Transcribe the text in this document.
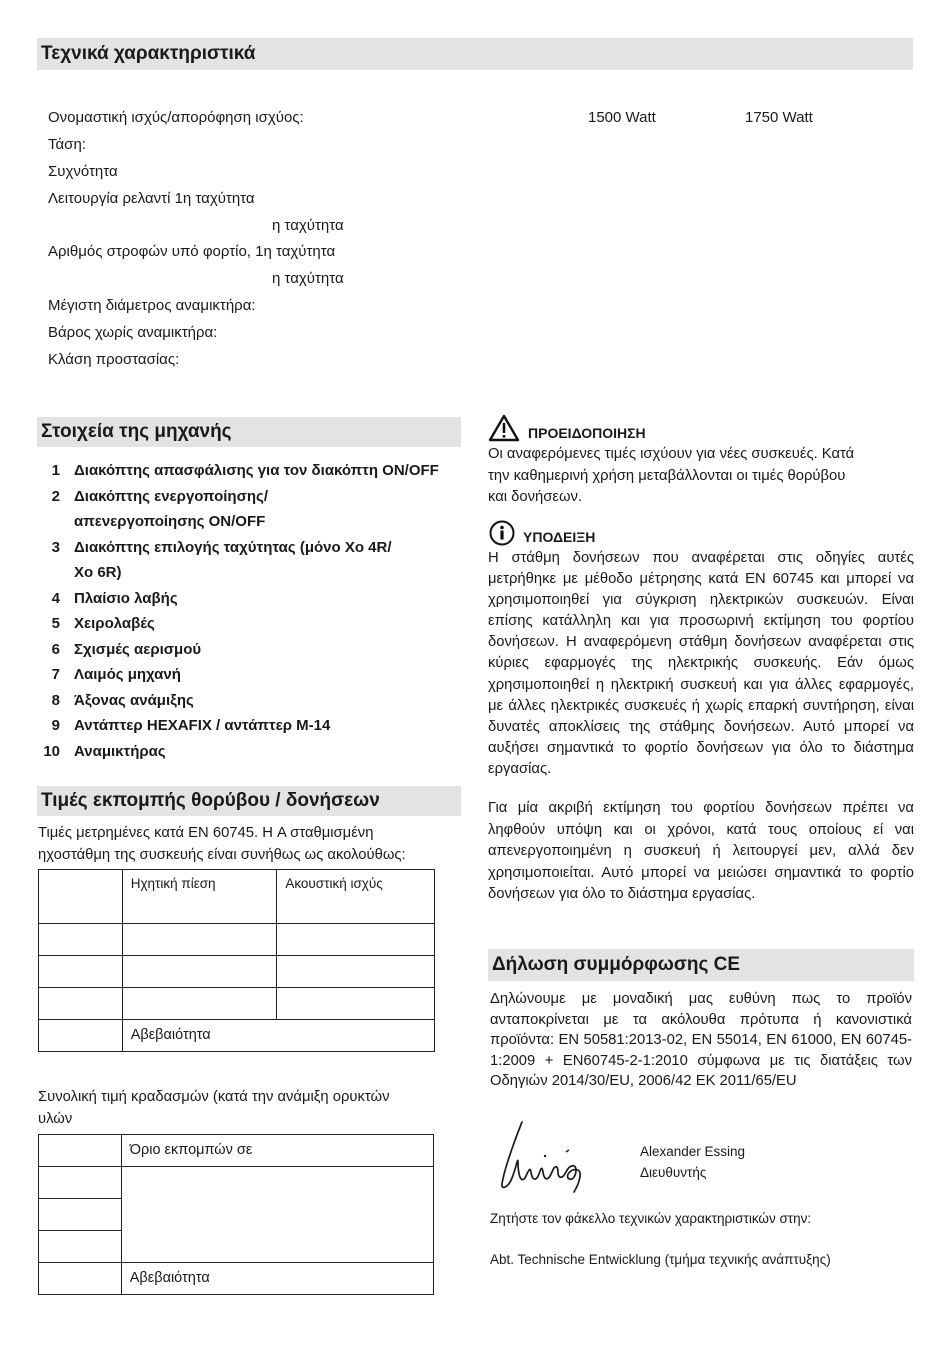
Τεχνικά χαρακτηριστικά
Ονομαστική ισχύς/απορόφηση ισχύος:	1500 Watt	1750 Watt
Τάση:
Συχνότητα
Λειτουργία ρελαντί 1η ταχύτητα
η ταχύτητα
Αριθμός στροφών υπό φορτίο, 1η ταχύτητα
η ταχύτητα
Μέγιστη διάμετρος αναμικτήρα:
Βάρος χωρίς αναμικτήρα:
Κλάση προστασίας:
Στοιχεία της μηχανής
1 Διακόπτης απασφάλισης για τον διακόπτη ON/OFF
2 Διακόπτης ενεργοποίησης/
απενεργοποίησης ON/OFF
3 Διακόπτης επιλογής ταχύτητας (μόνο Xo 4R/
Xo 6R)
4 Πλαίσιο λαβής
5 Χειρολαβές
6 Σχισμές αερισμού
7 Λαιμός μηχανή
8 Άξονας ανάμιξης
9 Αντάπτερ HEXAFIX / αντάπτερ M-14
10 Αναμικτήρας
Τιμές εκπομπής θορύβου / δονήσεων
Τιμές μετρημένες κατά EN 60745. Η A σταθμισμένη
ηχοστάθμη της συσκευής είναι συνήθως ως ακολούθως:
	Ηχητική πίεση	Ακουστική ισχύς

	Αβεβαιότητα	
Συνολική τιμή κραδασμών (κατά την ανάμιξη ορυκτών
υλών
	Όριο εκπομπών σε

	Αβεβαιότητα
ΠΡΟΕΙΔΟΠΟΙΗΣΗ
Οι αναφερόμενες τιμές ισχύουν για νέες συσκευές. Κατά
την καθημερινή χρήση μεταβάλλονται οι τιμές θορύβου
και δονήσεων.
ΥΠΟΔΕΙΞΗ
Η στάθμη δονήσεων που αναφέρεται στις οδηγίες αυτές μετρήθηκε με μέθοδο μέτρησης κατά EN 60745 και μπορεί να χρησιμοποιηθεί για σύγκριση ηλεκτρικών συσκευών. Είναι επίσης κατάλληλη και για προσωρινή εκτίμηση του φορτίου δονήσεων. Η αναφερόμενη στάθμη δονήσεων αναφέρεται στις κύριες εφαρμογές της ηλεκτρικής συσκευής. Εάν όμως χρησιμοποιηθεί η ηλεκτρική συσκευή και για άλλες εφαρμογές, με άλλες ηλεκτρικές συσκευές ή χωρίς επαρκή συντήρηση, είναι δυνατές αποκλίσεις της στάθμης δονήσεων. Αυτό μπορεί να αυξήσει σημαντικά το φορτίο δονήσεων για όλο το διάστημα εργασίας.
Για μία ακριβή εκτίμηση του φορτίου δονήσεων πρέπει να ληφθούν υπόψη και οι χρόνοι, κατά τους οποίους εί ναι απενεργοποιημένη η συσκευή ή λειτουργεί μεν, αλλά δεν χρησιμοποιείται. Αυτό μπορεί να μειώσει σημαντικά το φορτίο δονήσεων για όλο το διάστημα εργασίας.
Δήλωση συμμόρφωσης CE
Δηλώνουμε με μοναδική μας ευθύνη πως το προϊόν ανταποκρίνεται με τα ακόλουθα πρότυπα ή κανονιστικά προϊόντα: EN 50581:2013-02, EN 55014, EN 61000, EN 60745-1:2009 + EN60745-2-1:2010 σύμφωνα με τις διατάξεις των Οδηγιών 2014/30/EU, 2006/42 EK 2011/65/EU
Alexander Essing
Διευθυντής
Ζητήστε τον φάκελλο τεχνικών χαρακτηριστικών στην:
Abt. Technische Entwicklung (τμήμα τεχνικής ανάπτυξης)
